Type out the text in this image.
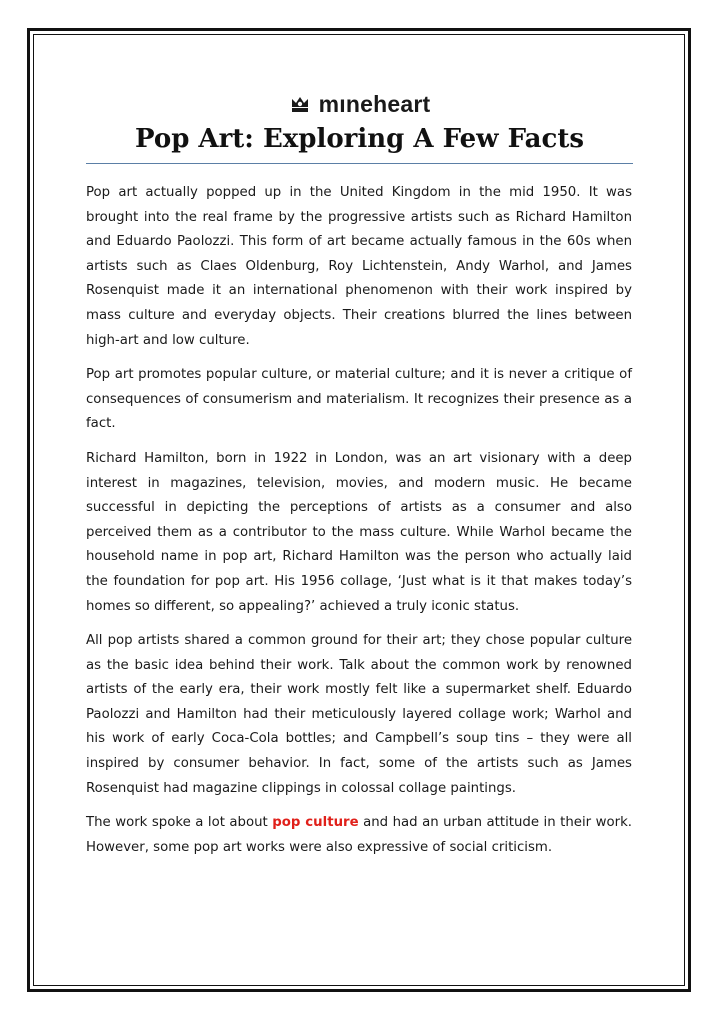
mıneheart
Pop Art: Exploring A Few Facts

Pop art actually popped up in the United Kingdom in the mid 1950. It was brought into the real frame by the progressive artists such as Richard Hamilton and Eduardo Paolozzi. This form of art became actually famous in the 60s when artists such as Claes Oldenburg, Roy Lichtenstein, Andy Warhol, and James Rosenquist made it an international phenomenon with their work inspired by mass culture and everyday objects. Their creations blurred the lines between high-art and low culture.

Pop art promotes popular culture, or material culture; and it is never a critique of consequences of consumerism and materialism. It recognizes their presence as a fact.

Richard Hamilton, born in 1922 in London, was an art visionary with a deep interest in magazines, television, movies, and modern music. He became successful in depicting the perceptions of artists as a consumer and also perceived them as a contributor to the mass culture. While Warhol became the household name in pop art, Richard Hamilton was the person who actually laid the foundation for pop art. His 1956 collage, ‘Just what is it that makes today’s homes so different, so appealing?’ achieved a truly iconic status.

All pop artists shared a common ground for their art; they chose popular culture as the basic idea behind their work. Talk about the common work by renowned artists of the early era, their work mostly felt like a supermarket shelf. Eduardo Paolozzi and Hamilton had their meticulously layered collage work; Warhol and his work of early Coca-Cola bottles; and Campbell’s soup tins – they were all inspired by consumer behavior. In fact, some of the artists such as James Rosenquist had magazine clippings in colossal collage paintings.

The work spoke a lot about pop culture and had an urban attitude in their work. However, some pop art works were also expressive of social criticism.
